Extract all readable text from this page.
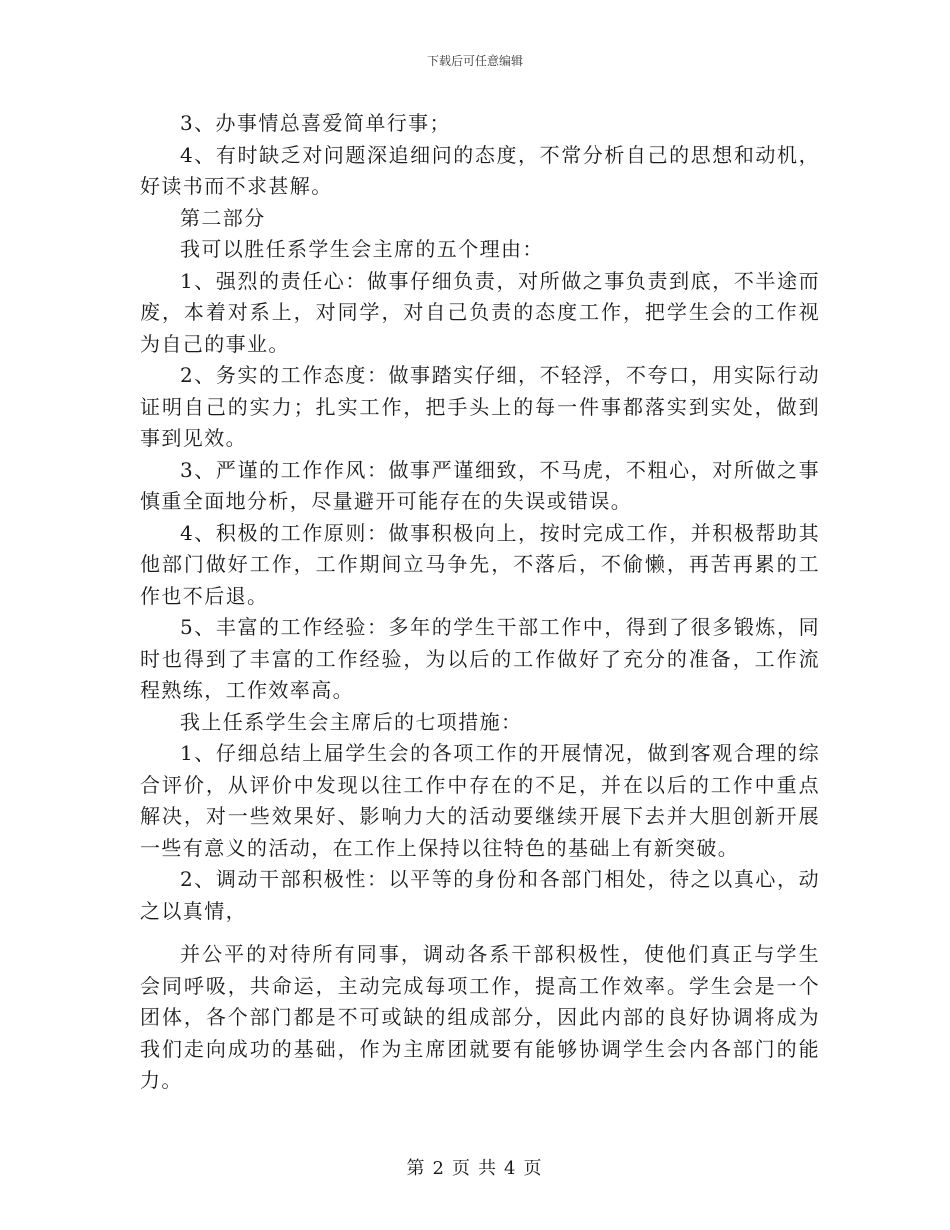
下载后可任意编辑

3、办事情总喜爱简单行事；

4、有时缺乏对问题深追细问的态度，不常分析自己的思想和动机，好读书而不求甚解。

第二部分

我可以胜任系学生会主席的五个理由：

1、强烈的责任心：做事仔细负责，对所做之事负责到底，不半途而废，本着对系上，对同学，对自己负责的态度工作，把学生会的工作视为自己的事业。

2、务实的工作态度：做事踏实仔细，不轻浮，不夸口，用实际行动证明自己的实力；扎实工作，把手头上的每一件事都落实到实处，做到事到见效。

3、严谨的工作作风：做事严谨细致，不马虎，不粗心，对所做之事慎重全面地分析，尽量避开可能存在的失误或错误。

4、积极的工作原则：做事积极向上，按时完成工作，并积极帮助其他部门做好工作，工作期间立马争先，不落后，不偷懒，再苦再累的工作也不后退。

5、丰富的工作经验：多年的学生干部工作中，得到了很多锻炼，同时也得到了丰富的工作经验，为以后的工作做好了充分的准备，工作流程熟练，工作效率高。

我上任系学生会主席后的七项措施：

1、仔细总结上届学生会的各项工作的开展情况，做到客观合理的综合评价，从评价中发现以往工作中存在的不足，并在以后的工作中重点解决，对一些效果好、影响力大的活动要继续开展下去并大胆创新开展一些有意义的活动，在工作上保持以往特色的基础上有新突破。

2、调动干部积极性：以平等的身份和各部门相处，待之以真心，动之以真情，

并公平的对待所有同事，调动各系干部积极性，使他们真正与学生会同呼吸，共命运，主动完成每项工作，提高工作效率。学生会是一个团体，各个部门都是不可或缺的组成部分，因此内部的良好协调将成为我们走向成功的基础，作为主席团就要有能够协调学生会内各部门的能力。

第 2 页 共 4 页
